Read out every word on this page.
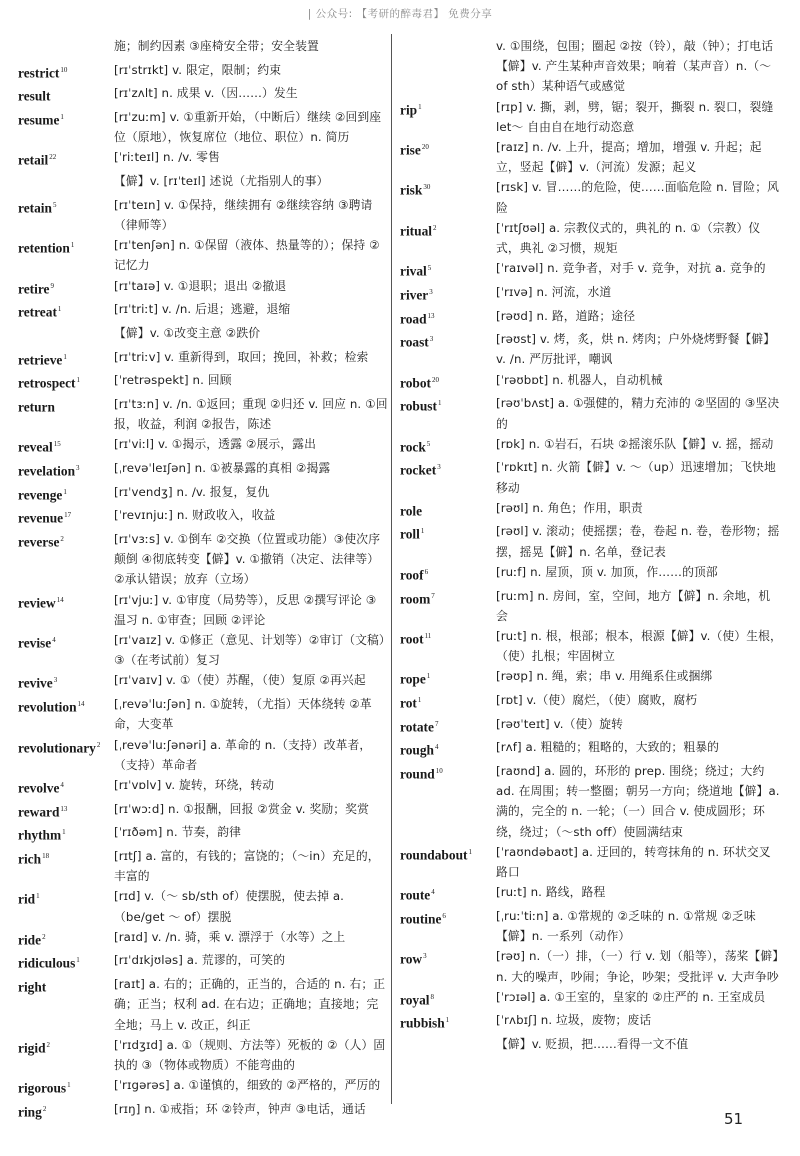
| 公众号: 【考研的醉毒君】 免费分享
施；制约因素 ③座椅安全带；安全装置
restrict$^{10}$	[rɪˈstrɪkt] v. 限定，限制；约束
result	[rɪˈzʌlt] n. 成果 v.（因……）发生
resume$^1$	[rɪˈzuːm] v. ①重新开始，（中断后）继续 ②回到座位（原地），恢复席位（地位、职位）n. 简历
retail$^{22}$	[ˈriːteɪl] n. /v. 零售
【僻】v. [rɪˈteɪl] 述说（尤指别人的事）
retain$^5$	[rɪˈteɪn] v. ①保持，继续拥有 ②继续容纳 ③聘请（律师等）
retention$^1$	[rɪˈtenʃən] n. ①保留（液体、热量等的）；保持 ②记忆力
retire$^9$	[rɪˈtaɪə] v. ①退职；退出 ②撤退
retreat$^1$	[rɪˈtriːt] v. /n. 后退；逃避，退缩
【僻】v. ①改变主意 ②跌价
retrieve$^1$	[rɪˈtriːv] v. 重新得到，取回；挽回，补救；检索
retrospect$^1$	[ˈretrəspekt] n. 回顾
return	[rɪˈtɜːn] v. /n. ①返回；重现 ②归还 v. 回应 n. ①回报，收益，利润 ②报告，陈述
reveal$^{15}$	[rɪˈviːl] v. ①揭示，透露 ②展示，露出
revelation$^3$	[ˌrevəˈleɪʃən] n. ①被暴露的真相 ②揭露
revenge$^1$	[rɪˈvendʒ] n. /v. 报复，复仇
revenue$^{17}$	[ˈrevɪnjuː] n. 财政收入，收益
reverse$^2$	[rɪˈvɜːs] v. ①倒车 ②交换（位置或功能）③使次序颠倒 ④彻底转变【僻】v. ①撤销（决定、法律等）②承认错误；放弃（立场）
review$^{14}$	[rɪˈvjuː] v. ①审度（局势等），反思 ②撰写评论 ③温习 n. ①审查；回顾 ②评论
revise$^4$	[rɪˈvaɪz] v. ①修正（意见、计划等）②审订（文稿）③（在考试前）复习
revive$^3$	[rɪˈvaɪv] v. ①（使）苏醒，（使）复原 ②再兴起
revolution$^{14}$	[ˌrevəˈluːʃən] n. ①旋转，（尤指）天体绕转 ②革命，大变革
revolutionary$^2$	[ˌrevəˈluːʃənəri] a. 革命的 n.（支持）改革者，（支持）革命者
revolve$^4$	[rɪˈvɒlv] v. 旋转，环绕，转动
reward$^{13}$	[rɪˈwɔːd] n. ①报酬，回报 ②赏金 v. 奖励；奖赏
rhythm$^1$	[ˈrɪðəm] n. 节奏，韵律
rich$^{18}$	[rɪtʃ] a. 富的，有钱的；富饶的；（～in）充足的，丰富的
rid$^1$	[rɪd] v.（～ sb/sth of）使摆脱，使去掉 a.（be/get ～ of）摆脱
ride$^2$	[raɪd] v. /n. 骑，乘 v. 漂浮于（水等）之上
ridiculous$^1$	[rɪˈdɪkjʊləs] a. 荒谬的，可笑的
right	[raɪt] a. 右的；正确的，正当的，合适的 n. 右；正确；正当；权利 ad. 在右边；正确地；直接地；完全地；马上 v. 改正，纠正
rigid$^2$	[ˈrɪdʒɪd] a. ①（规则、方法等）死板的 ②（人）固执的 ③（物体或物质）不能弯曲的
rigorous$^1$	[ˈrɪgərəs] a. ①谨慎的，细致的 ②严格的，严厉的
ring$^2$	[rɪŋ] n. ①戒指；环 ②铃声，钟声 ③电话，通话
v. ①围绕，包围；圈起 ②按（铃），敲（钟）；打电话【僻】v. 产生某种声音效果；响着（某声音）n.（～ of sth）某种语气或感觉
rip$^1$	[rɪp] v. 撕，剥，劈，锯；裂开，撕裂 n. 裂口，裂缝 let～ 自由自在地行动恣意
rise$^{20}$	[raɪz] n. /v. 上升，提高；增加，增强 v. 升起；起立，竖起【僻】v.（河流）发源；起义
risk$^{30}$	[rɪsk] v. 冒……的危险，使……面临危险 n. 冒险；风险
ritual$^2$	[ˈrɪtʃʊəl] a. 宗教仪式的，典礼的 n. ①（宗教）仪式，典礼 ②习惯，规矩
rival$^5$	[ˈraɪvəl] n. 竞争者，对手 v. 竞争，对抗 a. 竞争的
river$^3$	[ˈrɪvə] n. 河流，水道
road$^{13}$	[rəʊd] n. 路，道路；途径
roast$^3$	[rəʊst] v. 烤，炙，烘 n. 烤肉；户外烧烤野餐【僻】v. /n. 严厉批评，嘲讽
robot$^{20}$	[ˈrəʊbɒt] n. 机器人，自动机械
robust$^1$	[rəʊˈbʌst] a. ①强健的，精力充沛的 ②坚固的 ③坚决的
rock$^5$	[rɒk] n. ①岩石，石块 ②摇滚乐队【僻】v. 摇，摇动
rocket$^3$	[ˈrɒkɪt] n. 火箭【僻】v. ～（up）迅速增加；飞快地移动
role	[rəʊl] n. 角色；作用，职责
roll$^1$	[rəʊl] v. 滚动；使摇摆；卷，卷起 n. 卷，卷形物；摇摆，摇晃【僻】n. 名单，登记表
roof$^6$	[ruːf] n. 屋顶，顶 v. 加顶，作……的顶部
room$^7$	[ruːm] n. 房间，室，空间，地方【僻】n. 余地，机会
root$^{11}$	[ruːt] n. 根，根部；根本，根源【僻】v.（使）生根，（使）扎根；牢固树立
rope$^1$	[rəʊp] n. 绳，索；串 v. 用绳系住或捆绑
rot$^1$	[rɒt] v.（使）腐烂，（使）腐败，腐朽
rotate$^7$	[rəʊˈteɪt] v.（使）旋转
rough$^4$	[rʌf] a. 粗糙的；粗略的，大致的；粗暴的
round$^{10}$	[raʊnd] a. 圆的，环形的 prep. 围绕；绕过；大约 ad. 在周围；转一整圈；朝另一方向；绕道地【僻】a. 满的，完全的 n. 一轮；（一）回合 v. 使成圆形；环绕，绕过；（～sth off）使圆满结束
roundabout$^1$	[ˈraʊndəbaʊt] a. 迂回的，转弯抹角的 n. 环状交叉路口
route$^4$	[ruːt] n. 路线，路程
routine$^6$	[ˌruːˈtiːn] a. ①常规的 ②乏味的 n. ①常规 ②乏味【僻】n. 一系列（动作）
row$^3$	[rəʊ] n.（一）排，（一）行 v. 划（船等），荡桨【僻】n. 大的噪声，吵闹；争论，吵架；受批评 v. 大声争吵
royal$^8$	[ˈrɔɪəl] a. ①王室的，皇家的 ②庄严的 n. 王室成员
rubbish$^1$	[ˈrʌbɪʃ] n. 垃圾，废物；废话
【僻】v. 贬损，把……看得一文不值
51
